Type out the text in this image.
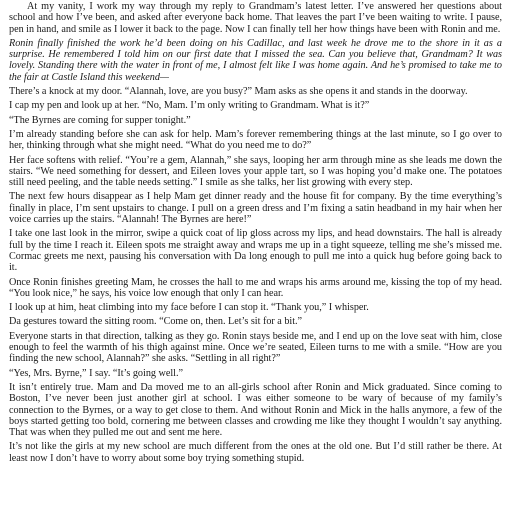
At my vanity, I work my way through my reply to Grandmam’s latest letter. I’ve answered her questions about school and how I’ve been, and asked after everyone back home. That leaves the part I’ve been waiting to write. I pause, pen in hand, and smile as I lower it back to the page. Now I can finally tell her how things have been with Ronin and me.

Ronin finally finished the work he’d been doing on his Cadillac, and last week he drove me to the shore in it as a surprise. He remembered I told him on our first date that I missed the sea. Can you believe that, Grandmam? It was lovely. Standing there with the water in front of me, I almost felt like I was home again. And he’s promised to take me to the fair at Castle Island this weekend—

There’s a knock at my door. “Alannah, love, are you busy?” Mam asks as she opens it and stands in the doorway.

I cap my pen and look up at her. “No, Mam. I’m only writing to Grandmam. What is it?”

“The Byrnes are coming for supper tonight.”

I’m already standing before she can ask for help. Mam’s forever remembering things at the last minute, so I go over to her, thinking through what she might need. “What do you need me to do?”

Her face softens with relief. “You’re a gem, Alannah,” she says, looping her arm through mine as she leads me down the stairs. “We need something for dessert, and Eileen loves your apple tart, so I was hoping you’d make one. The potatoes still need peeling, and the table needs setting.” I smile as she talks, her list growing with every step.

The next few hours disappear as I help Mam get dinner ready and the house fit for company. By the time everything’s finally in place, I’m sent upstairs to change. I pull on a green dress and I’m fixing a satin headband in my hair when her voice carries up the stairs. “Alannah! The Byrnes are here!”

I take one last look in the mirror, swipe a quick coat of lip gloss across my lips, and head downstairs. The hall is already full by the time I reach it. Eileen spots me straight away and wraps me up in a tight squeeze, telling me she’s missed me. Cormac greets me next, pausing his conversation with Da long enough to pull me into a quick hug before going back to it.

Once Ronin finishes greeting Mam, he crosses the hall to me and wraps his arms around me, kissing the top of my head. “You look nice,” he says, his voice low enough that only I can hear.

I look up at him, heat climbing into my face before I can stop it. “Thank you,” I whisper.

Da gestures toward the sitting room. “Come on, then. Let’s sit for a bit.”

Everyone starts in that direction, talking as they go. Ronin stays beside me, and I end up on the love seat with him, close enough to feel the warmth of his thigh against mine. Once we’re seated, Eileen turns to me with a smile. “How are you finding the new school, Alannah?” she asks. “Settling in all right?”

“Yes, Mrs. Byrne,” I say. “It’s going well.”

It isn’t entirely true. Mam and Da moved me to an all-girls school after Ronin and Mick graduated. Since coming to Boston, I’ve never been just another girl at school. I was either someone to be wary of because of my family’s connection to the Byrnes, or a way to get close to them. And without Ronin and Mick in the halls anymore, a few of the boys started getting too bold, cornering me between classes and crowding me like they thought I wouldn’t say anything. That was when they pulled me out and sent me here.

It’s not like the girls at my new school are much different from the ones at the old one. But I’d still rather be there. At least now I don’t have to worry about some boy trying something stupid.
